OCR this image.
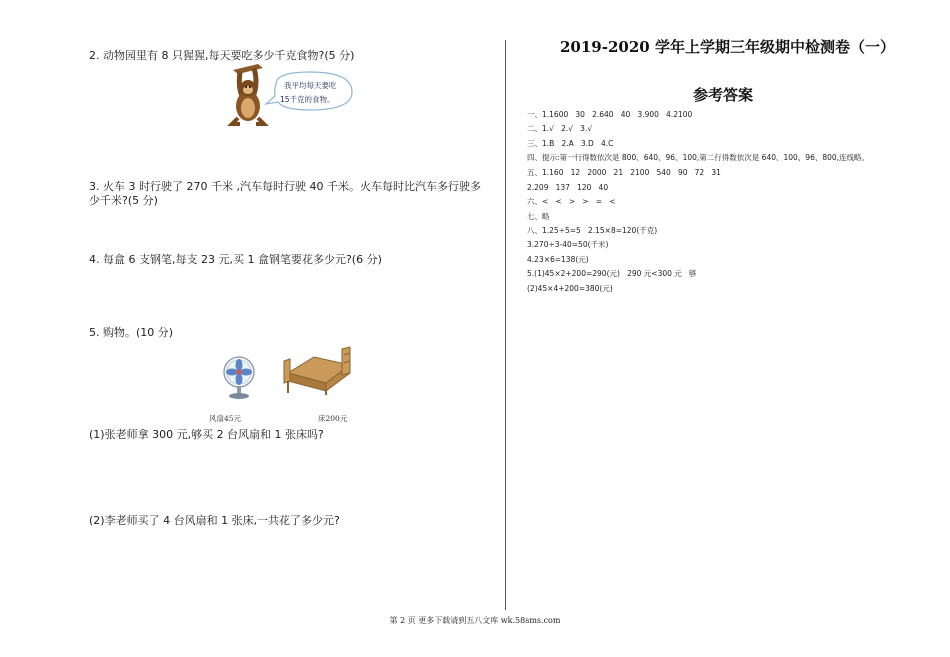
2. 动物园里有 8 只猩猩,每天要吃多少千克食物?(5 分)
我平均每天要吃
15千克的食物。
3. 火车 3 时行驶了 270 千米 ,汽车每时行驶 40 千米。火车每时比汽车多行驶多
少千米?(5 分)
4. 每盒 6 支钢笔,每支 23 元,买 1 盒钢笔要花多少元?(6 分)
5. 购物。(10 分)
风扇45元	床200元
(1)张老师拿 300 元,够买 2 台风扇和 1 张床吗?
(2)李老师买了 4 台风扇和 1 张床,一共花了多少元?
2019-2020 学年上学期三年级期中检测卷（一）
参考答案
一、1.1600   30   2.640   40   3.900   4.2100
二、1.√   2.√   3.√
三、1.B   2.A   3.D   4.C
四、提示:第一行得数依次是 800、640、96、100,第二行得数依次是 640、100、96、800,连线略。
五、1.160   12   2000   21   2100   540   90   72   31
2.209   137   120   40
六、<   <   >   >   =   <
七、略
八、1.25÷5=5   2.15×8=120(千克)
3.270÷3-40=50(千米)
4.23×6=138(元)
5.(1)45×2+200=290(元)   290 元<300 元   够
(2)45×4+200=380(元)
第 2 页 更多下载请到五八文库 wk.58sms.com
